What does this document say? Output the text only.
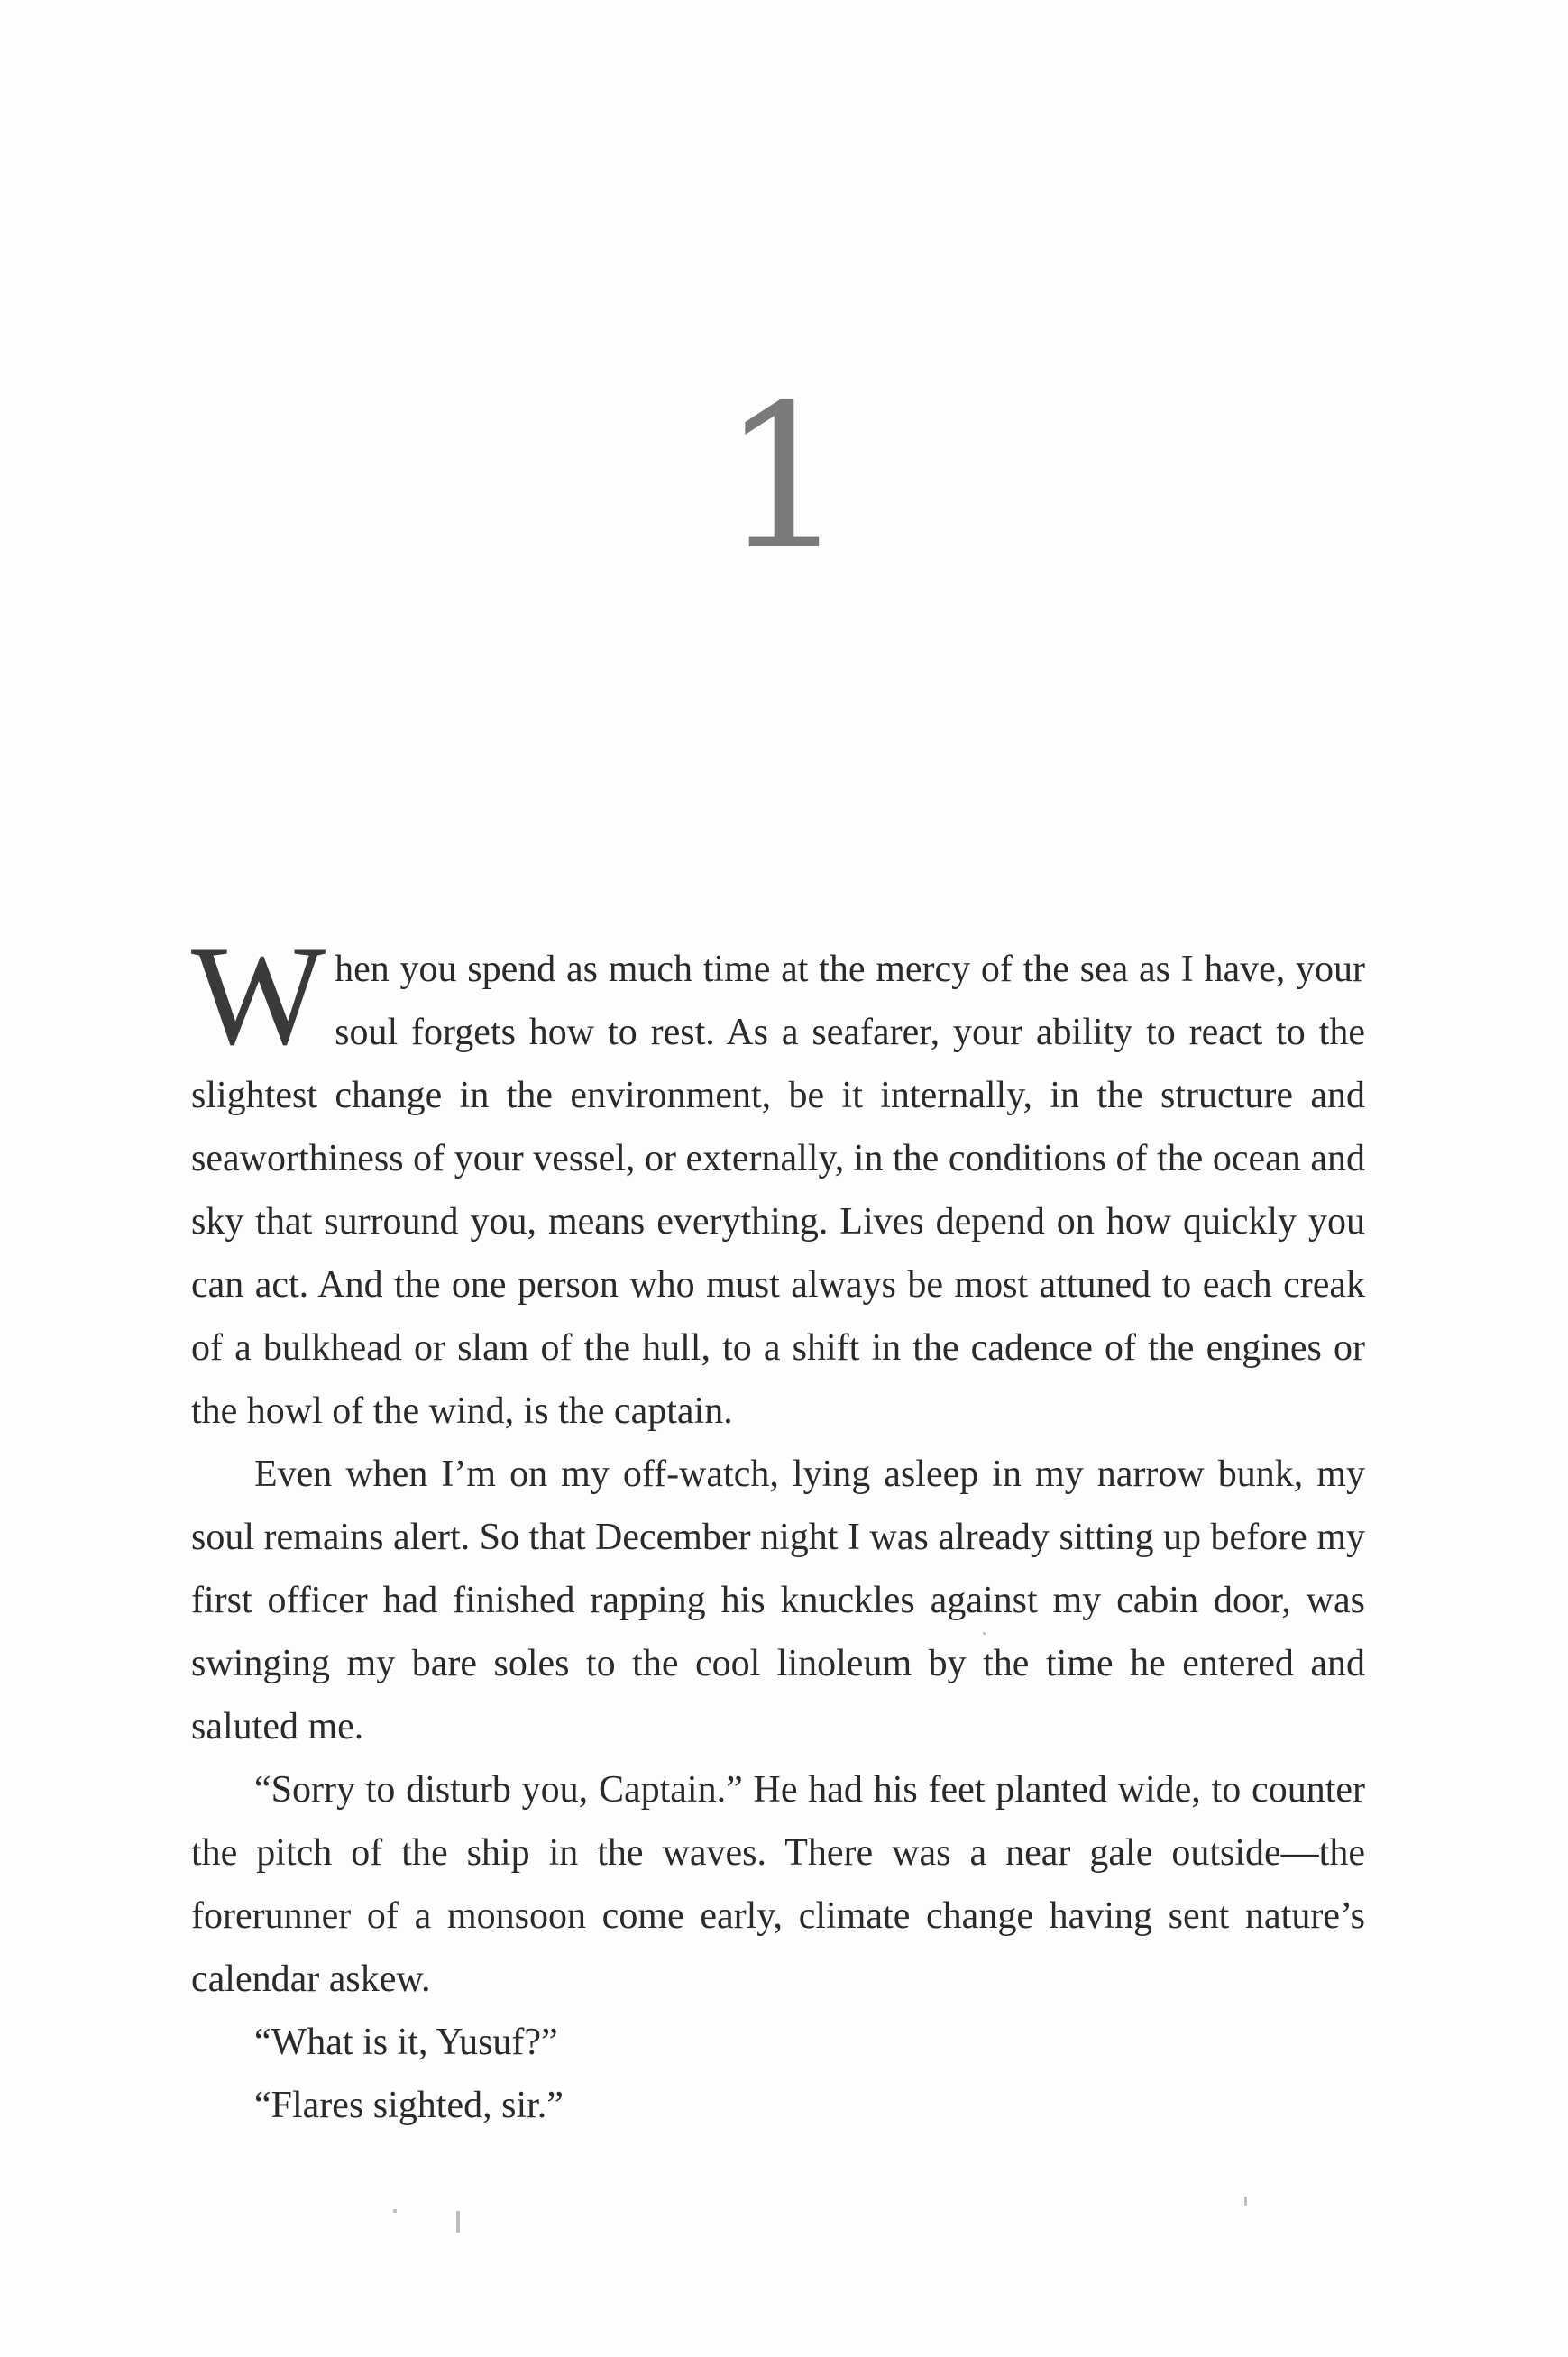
1

When you spend as much time at the mercy of the sea as I have, your soul forgets how to rest. As a seafarer, your ability to react to the slightest change in the environment, be it internally, in the structure and seaworthiness of your vessel, or externally, in the conditions of the ocean and sky that surround you, means everything. Lives depend on how quickly you can act. And the one person who must always be most attuned to each creak of a bulkhead or slam of the hull, to a shift in the cadence of the engines or the howl of the wind, is the captain.

Even when I’m on my off-watch, lying asleep in my narrow bunk, my soul remains alert. So that December night I was already sitting up before my first officer had finished rapping his knuckles against my cabin door, was swinging my bare soles to the cool linoleum by the time he entered and saluted me.

“Sorry to disturb you, Captain.” He had his feet planted wide, to counter the pitch of the ship in the waves. There was a near gale outside—the forerunner of a monsoon come early, climate change having sent nature’s calendar askew.

“What is it, Yusuf?”

“Flares sighted, sir.”
